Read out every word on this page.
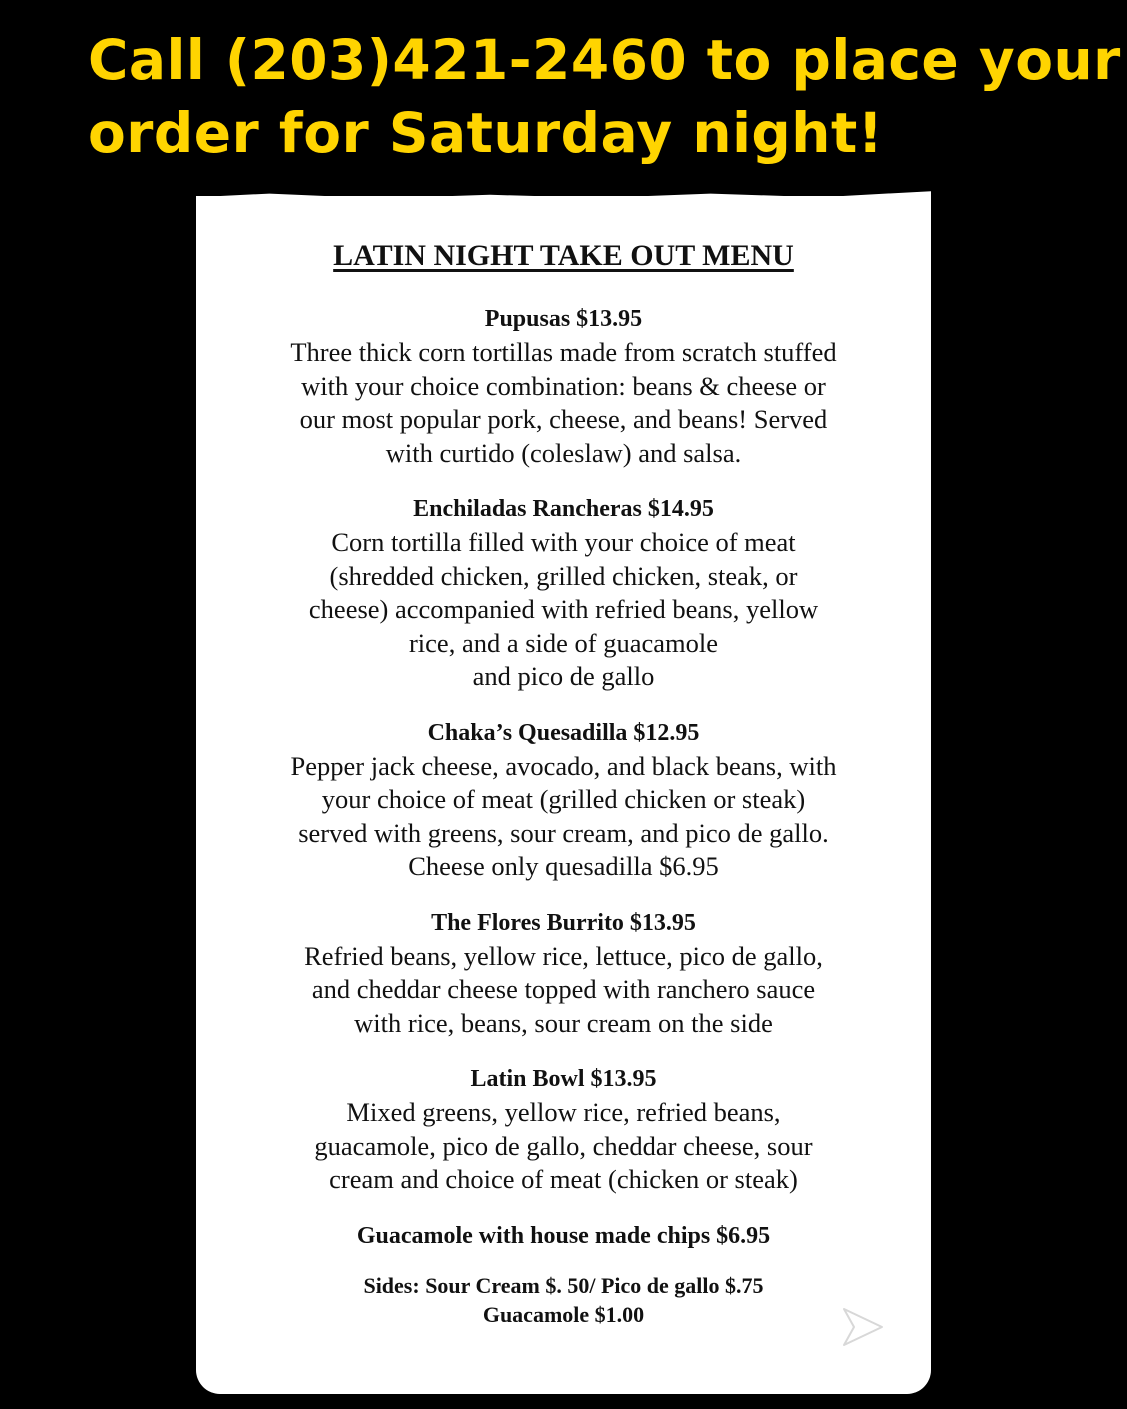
Call (203)421-2460 to place your
order for Saturday night!
LATIN NIGHT TAKE OUT MENU
Pupusas $13.95
Three thick corn tortillas made from scratch stuffed
with your choice combination: beans & cheese or
our most popular pork, cheese, and beans! Served
with curtido (coleslaw) and salsa.
Enchiladas Rancheras $14.95
Corn tortilla filled with your choice of meat
(shredded chicken, grilled chicken, steak, or
cheese) accompanied with refried beans, yellow
rice, and a side of guacamole
and pico de gallo
Chaka’s Quesadilla $12.95
Pepper jack cheese, avocado, and black beans, with
your choice of meat (grilled chicken or steak)
served with greens, sour cream, and pico de gallo.
Cheese only quesadilla $6.95
The Flores Burrito $13.95
Refried beans, yellow rice, lettuce, pico de gallo,
and cheddar cheese topped with ranchero sauce
with rice, beans, sour cream on the side
Latin Bowl $13.95
Mixed greens, yellow rice, refried beans,
guacamole, pico de gallo, cheddar cheese, sour
cream and choice of meat (chicken or steak)
Guacamole with house made chips $6.95
Sides: Sour Cream $. 50/ Pico de gallo $.75
Guacamole $1.00
